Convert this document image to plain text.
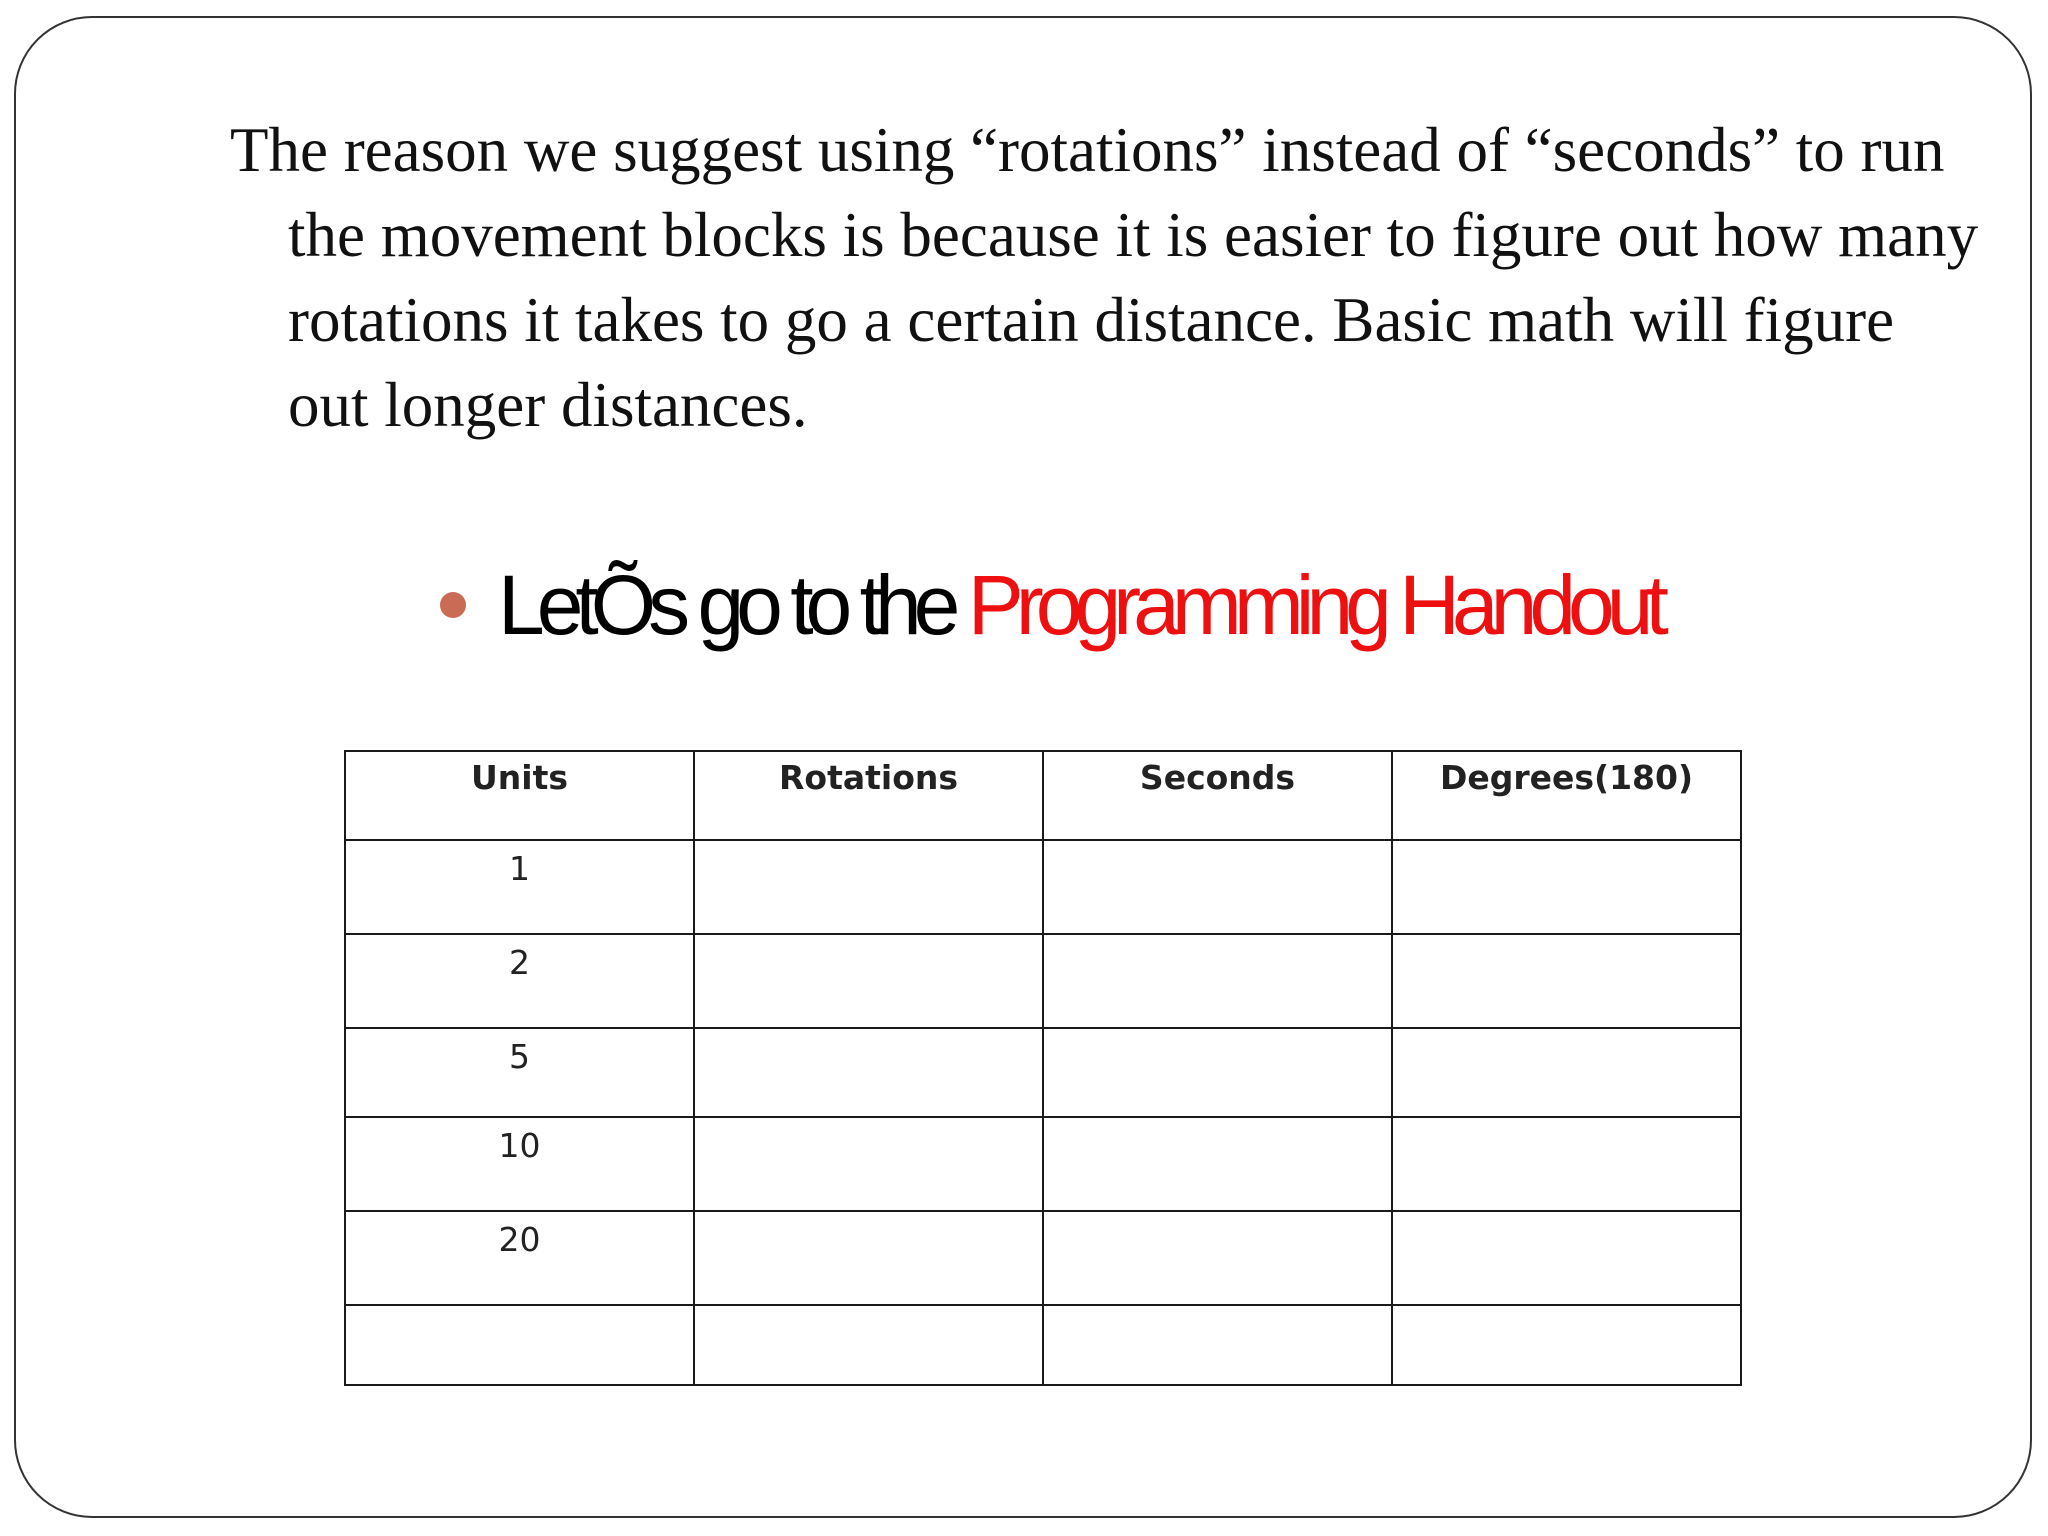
The reason we suggest using “rotations” instead of “seconds” to run the movement blocks is because it is easier to figure out how many rotations it takes to go a certain distance. Basic math will figure out longer distances.

LetÕs go to the Programming Handout
Units	Rotations	Seconds	Degrees(180)
1			
2			
5			
10			
20			
